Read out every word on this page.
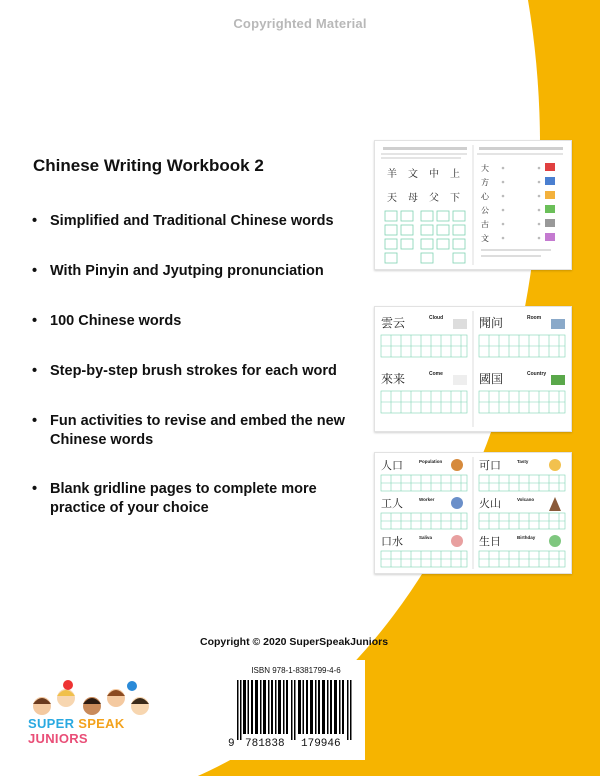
Copyrighted Material
Chinese Writing Workbook 2
• Simplified and Traditional Chinese words
• With Pinyin and Jyutping pronunciation
• 100 Chinese words
• Step-by-step brush strokes for each word
• Fun activities to revise and embed the new
Chinese words
• Blank gridline pages to complete more
practice of your choice
羊 文 中 上
天 母 父 下
大
方
心
公
古
文
雲云	聞问
來来	國国
Cloud	Room
Come	Country
人口	可口
工人	火山
口水	生日
Population	Tasty
Worker	Volcano
Saliva	Birthday
Copyright © 2020 SuperSpeakJuniors
ISBN 978-1-8381799-4-6
9 781838 179946
SUPER SPEAK JUNIORS
